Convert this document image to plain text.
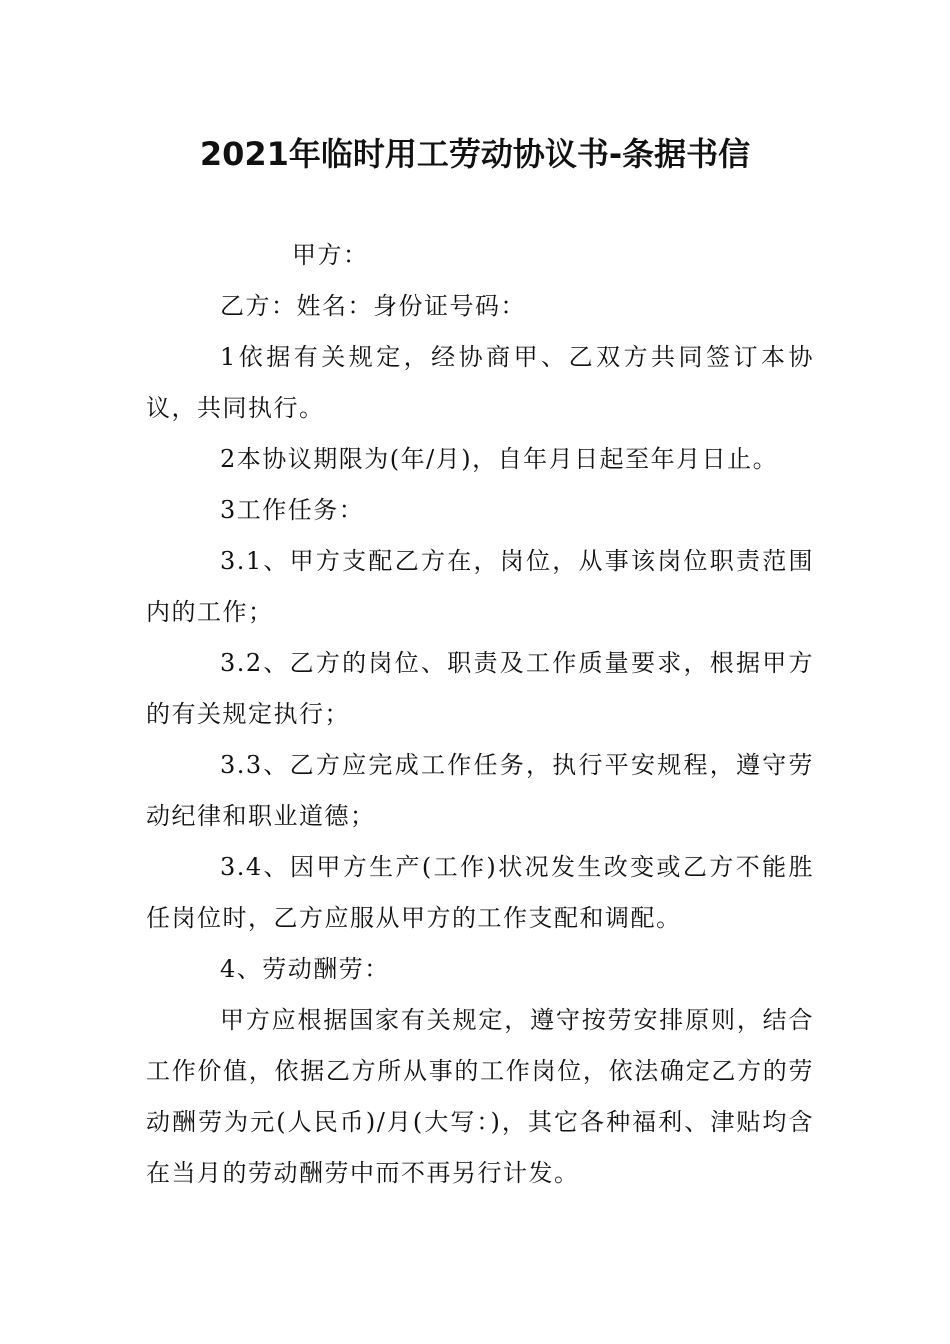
2021年临时用工劳动协议书-条据书信

甲方：

乙方：姓名：身份证号码：

1依据有关规定，经协商甲、乙双方共同签订本协议，共同执行。

2本协议期限为(年/月)，自年月日起至年月日止。

3工作任务：

3.1、甲方支配乙方在，岗位，从事该岗位职责范围内的工作；

3.2、乙方的岗位、职责及工作质量要求，根据甲方的有关规定执行；

3.3、乙方应完成工作任务，执行平安规程，遵守劳动纪律和职业道德；

3.4、因甲方生产(工作)状况发生改变或乙方不能胜任岗位时，乙方应服从甲方的工作支配和调配。

4、劳动酬劳：

甲方应根据国家有关规定，遵守按劳安排原则，结合工作价值，依据乙方所从事的工作岗位，依法确定乙方的劳动酬劳为元(人民币)/月(大写：)，其它各种福利、津贴均含在当月的劳动酬劳中而不再另行计发。
